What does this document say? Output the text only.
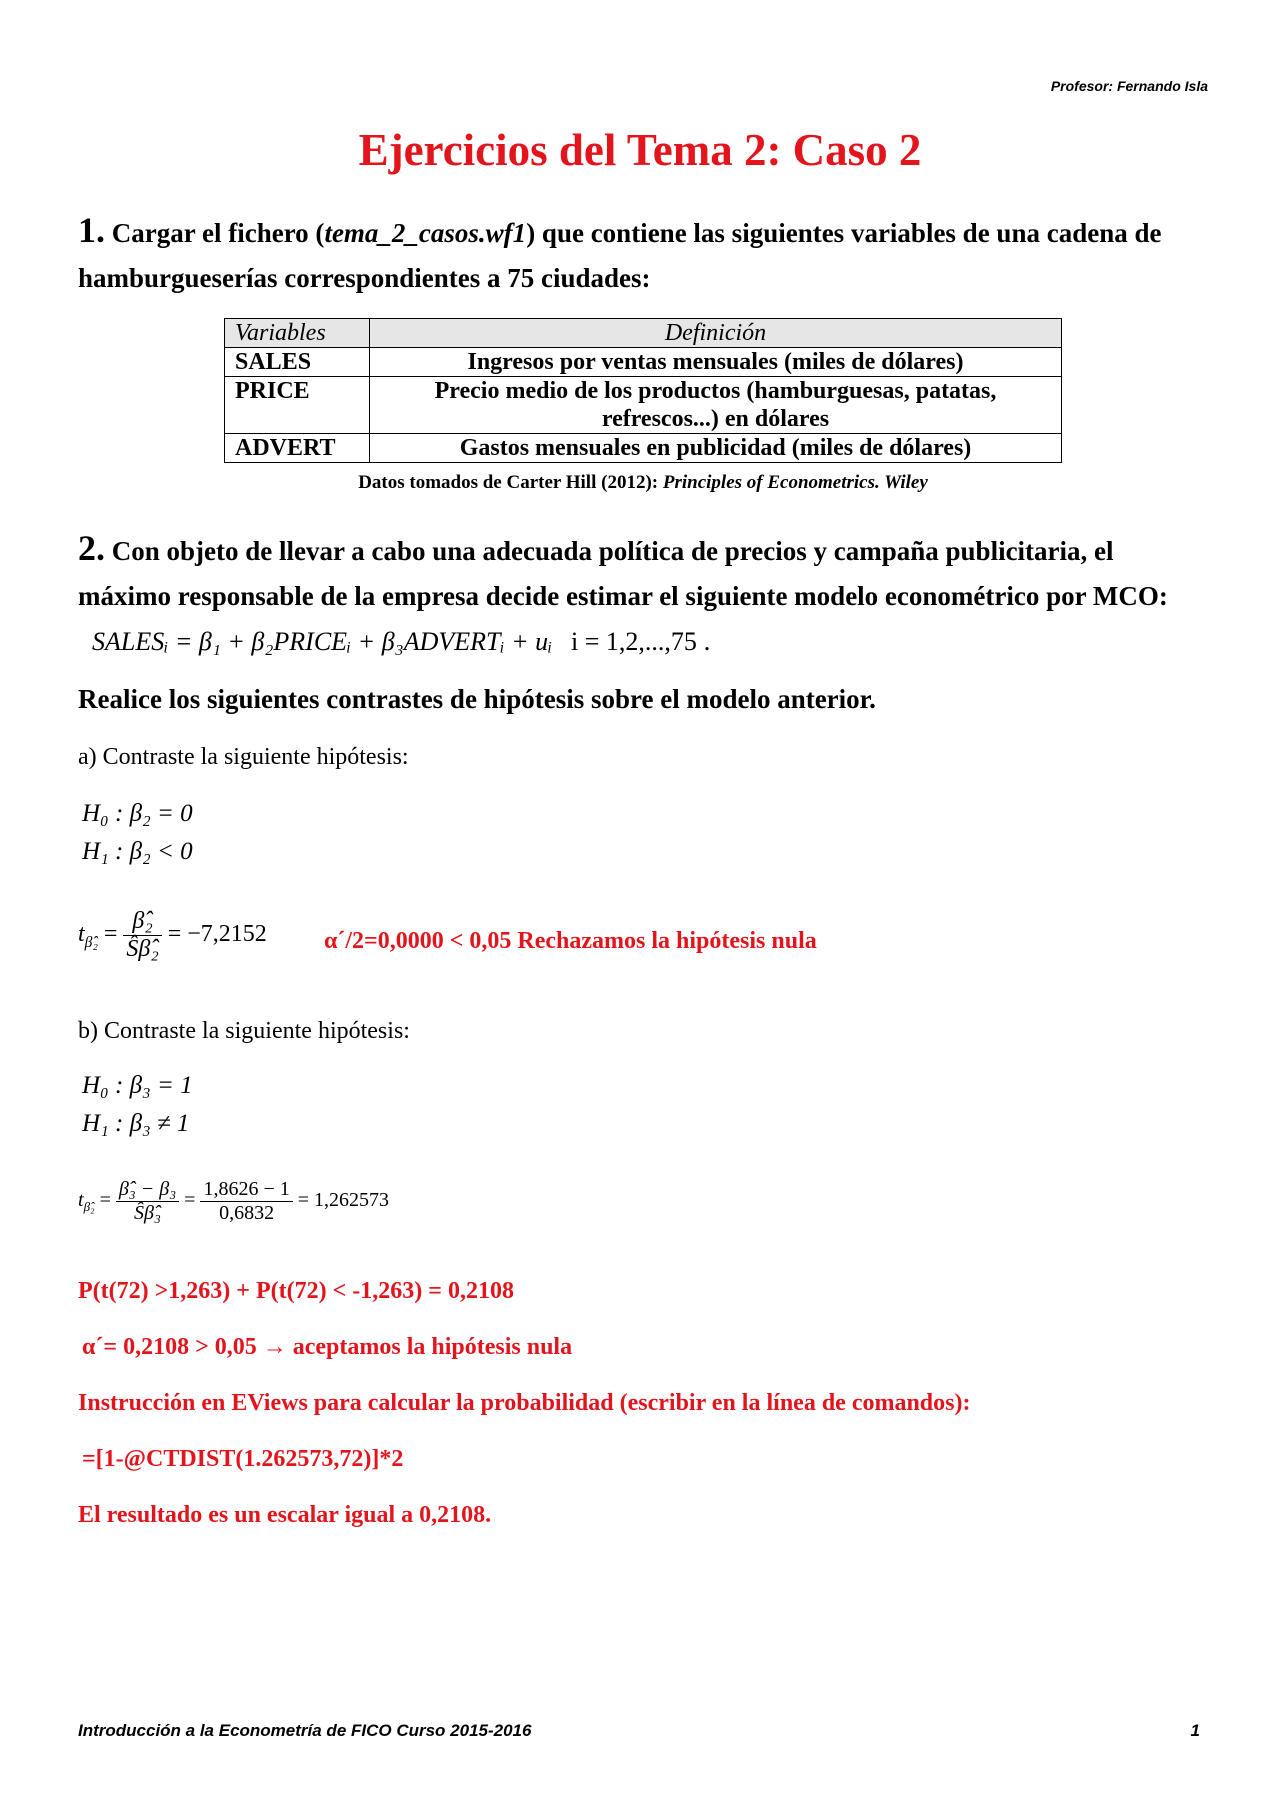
Profesor: Fernando Isla
Ejercicios del Tema 2: Caso 2
1. Cargar el fichero (tema_2_casos.wf1) que contiene las siguientes variables de una cadena de hamburgueserías correspondientes a 75 ciudades:
Variables	Definición
SALES	Ingresos por ventas mensuales (miles de dólares)
PRICE	Precio medio de los productos (hamburguesas, patatas, refrescos...) en dólares
ADVERT	Gastos mensuales en publicidad (miles de dólares)
Datos tomados de Carter Hill (2012): Principles of Econometrics. Wiley
2. Con objeto de llevar a cabo una adecuada política de precios y campaña publicitaria, el máximo responsable de la empresa decide estimar el siguiente modelo econométrico por MCO: SALESᵢ = β₁ + β₂PRICEᵢ + β₃ADVERTᵢ + uᵢ i = 1,2,...,75 .
Realice los siguientes contrastes de hipótesis sobre el modelo anterior.
a) Contraste la siguiente hipótesis:
H₀ : β₂ = 0
H₁ : β₂ < 0
$t_{\betâ_2} = \frac{\text{β̂₂}}{\text{Ŝβ̂₂}} = -7,2152$ α´/2=0,0000 < 0,05 Rechazamos la hipótesis nula
b) Contraste la siguiente hipótesis:
H₀ : β₃ = 1
H₁ : β₃ ≠ 1
$t_{\betâ_2} = \frac{\text{β̂₃ − β₃}}{\text{Ŝβ̂₃}} = \frac{1,8626 - 1}{0,6832} = 1,262573$
P(t(72) >1,263) + P(t(72) < -1,263) = 0,2108
α´= 0,2108 > 0,05 → aceptamos la hipótesis nula
Instrucción en EViews para calcular la probabilidad (escribir en la línea de comandos):
=[1-@CTDIST(1.262573,72)]*2
El resultado es un escalar igual a 0,2108.
Introducción a la Econometría de FICO Curso 2015-2016	1
